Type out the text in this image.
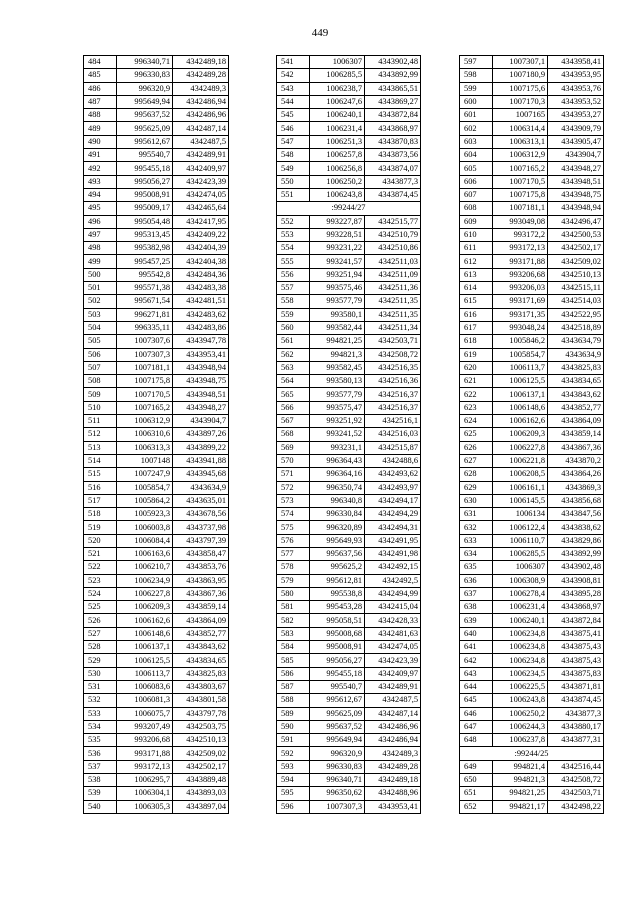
449
484	996340,71	4342489,18
485	996330,83	4342489,28
486	996320,9	4342489,3
487	995649,94	4342486,94
488	995637,52	4342486,96
489	995625,09	4342487,14
490	995612,67	4342487,5
491	995540,7	4342489,91
492	995455,18	4342409,97
493	995056,27	4342423,39
494	995008,91	4342474,05
495	995009,17	4342465,64
496	995054,48	4342417,95
497	995313,45	4342409,22
498	995382,98	4342404,39
499	995457,25	4342404,38
500	995542,8	4342484,36
501	995571,38	4342483,38
502	995671,54	4342481,51
503	996271,81	4342483,62
504	996335,11	4342483,86
505	1007307,6	4343947,78
506	1007307,3	4343953,41
507	1007181,1	4343948,94
508	1007175,8	4343948,75
509	1007170,5	4343948,51
510	1007165,2	4343948,27
511	1006312,9	4343904,7
512	1006310,6	4343897,26
513	1006313,3	4343899,22
514	1007148	4343941,88
515	1007247,9	4343945,68
516	1005854,7	4343634,9
517	1005864,2	4343635,01
518	1005923,3	4343678,56
519	1006003,8	4343737,98
520	1006084,4	4343797,39
521	1006163,6	4343858,47
522	1006210,7	4343853,76
523	1006234,9	4343863,95
524	1006227,8	4343867,36
525	1006209,3	4343859,14
526	1006162,6	4343864,09
527	1006148,6	4343852,77
528	1006137,1	4343843,62
529	1006125,5	4343834,65
530	1006113,7	4343825,83
531	1006083,6	4343803,67
532	1006081,3	4343801,58
533	1006075,7	4343797,78
534	993207,49	4342503,75
535	993206,68	4342510,13
536	993171,88	4342509,02
537	993172,13	4342502,17
538	1006295,7	4343889,48
539	1006304,1	4343893,03
540	1006305,3	4343897,04
541	1006307	4343902,48
542	1006285,5	4343892,99
543	1006238,7	4343865,51
544	1006247,6	4343869,27
545	1006240,1	4343872,84
546	1006231,4	4343868,97
547	1006251,3	4343870,83
548	1006257,8	4343873,56
549	1006256,8	4343874,07
550	1006250,2	4343877,3
551	1006243,8	4343874,45
:99244/27		
552	993227,87	4342515,77
553	993228,51	4342510,79
554	993231,22	4342510,86
555	993241,57	4342511,03
556	993251,94	4342511,09
557	993575,46	4342511,36
558	993577,79	4342511,35
559	993580,1	4342511,35
560	993582,44	4342511,34
561	994821,25	4342503,71
562	994821,3	4342508,72
563	993582,45	4342516,35
564	993580,13	4342516,36
565	993577,79	4342516,37
566	993575,47	4342516,37
567	993251,92	4342516,1
568	993241,52	4342516,03
569	993231,1	4342515,87
570	996364,43	4342488,6
571	996364,16	4342493,62
572	996350,74	4342493,97
573	996340,8	4342494,17
574	996330,84	4342494,29
575	996320,89	4342494,31
576	995649,93	4342491,95
577	995637,56	4342491,98
578	995625,2	4342492,15
579	995612,81	4342492,5
580	995538,8	4342494,99
581	995453,28	4342415,04
582	995058,51	4342428,33
583	995008,68	4342481,63
584	995008,91	4342474,05
585	995056,27	4342423,39
586	995455,18	4342409,97
587	995540,7	4342489,91
588	995612,67	4342487,5
589	995625,09	4342487,14
590	995637,52	4342486,96
591	995649,94	4342486,94
592	996320,9	4342489,3
593	996330,83	4342489,28
594	996340,71	4342489,18
595	996350,62	4342488,96
596	1007307,3	4343953,41
597	1007307,1	4343958,41
598	1007180,9	4343953,95
599	1007175,6	4343953,76
600	1007170,3	4343953,52
601	1007165	4343953,27
602	1006314,4	4343909,79
603	1006313,1	4343905,47
604	1006312,9	4343904,7
605	1007165,2	4343948,27
606	1007170,5	4343948,51
607	1007175,8	4343948,75
608	1007181,1	4343948,94
609	993049,08	4342496,47
610	993172,2	4342500,53
611	993172,13	4342502,17
612	993171,88	4342509,02
613	993206,68	4342510,13
614	993206,03	4342515,11
615	993171,69	4342514,03
616	993171,35	4342522,95
617	993048,24	4342518,89
618	1005846,2	4343634,79
619	1005854,7	4343634,9
620	1006113,7	4343825,83
621	1006125,5	4343834,65
622	1006137,1	4343843,62
623	1006148,6	4343852,77
624	1006162,6	4343864,09
625	1006209,3	4343859,14
626	1006227,8	4343867,36
627	1006221,8	4343870,2
628	1006208,5	4343864,26
629	1006161,1	4343869,3
630	1006145,5	4343856,68
631	1006134	4343847,56
632	1006122,4	4343838,62
633	1006110,7	4343829,86
634	1006285,5	4343892,99
635	1006307	4343902,48
636	1006308,9	4343908,81
637	1006278,4	4343895,28
638	1006231,4	4343868,97
639	1006240,1	4343872,84
640	1006234,8	4343875,41
641	1006234,8	4343875,43
642	1006234,8	4343875,43
643	1006234,5	4343875,83
644	1006225,5	4343871,81
645	1006243,8	4343874,45
646	1006250,2	4343877,3
647	1006244,3	4343880,17
648	1006237,8	4343877,31
:99244/25		
649	994821,4	4342516,44
650	994821,3	4342508,72
651	994821,25	4342503,71
652	994821,17	4342498,22
